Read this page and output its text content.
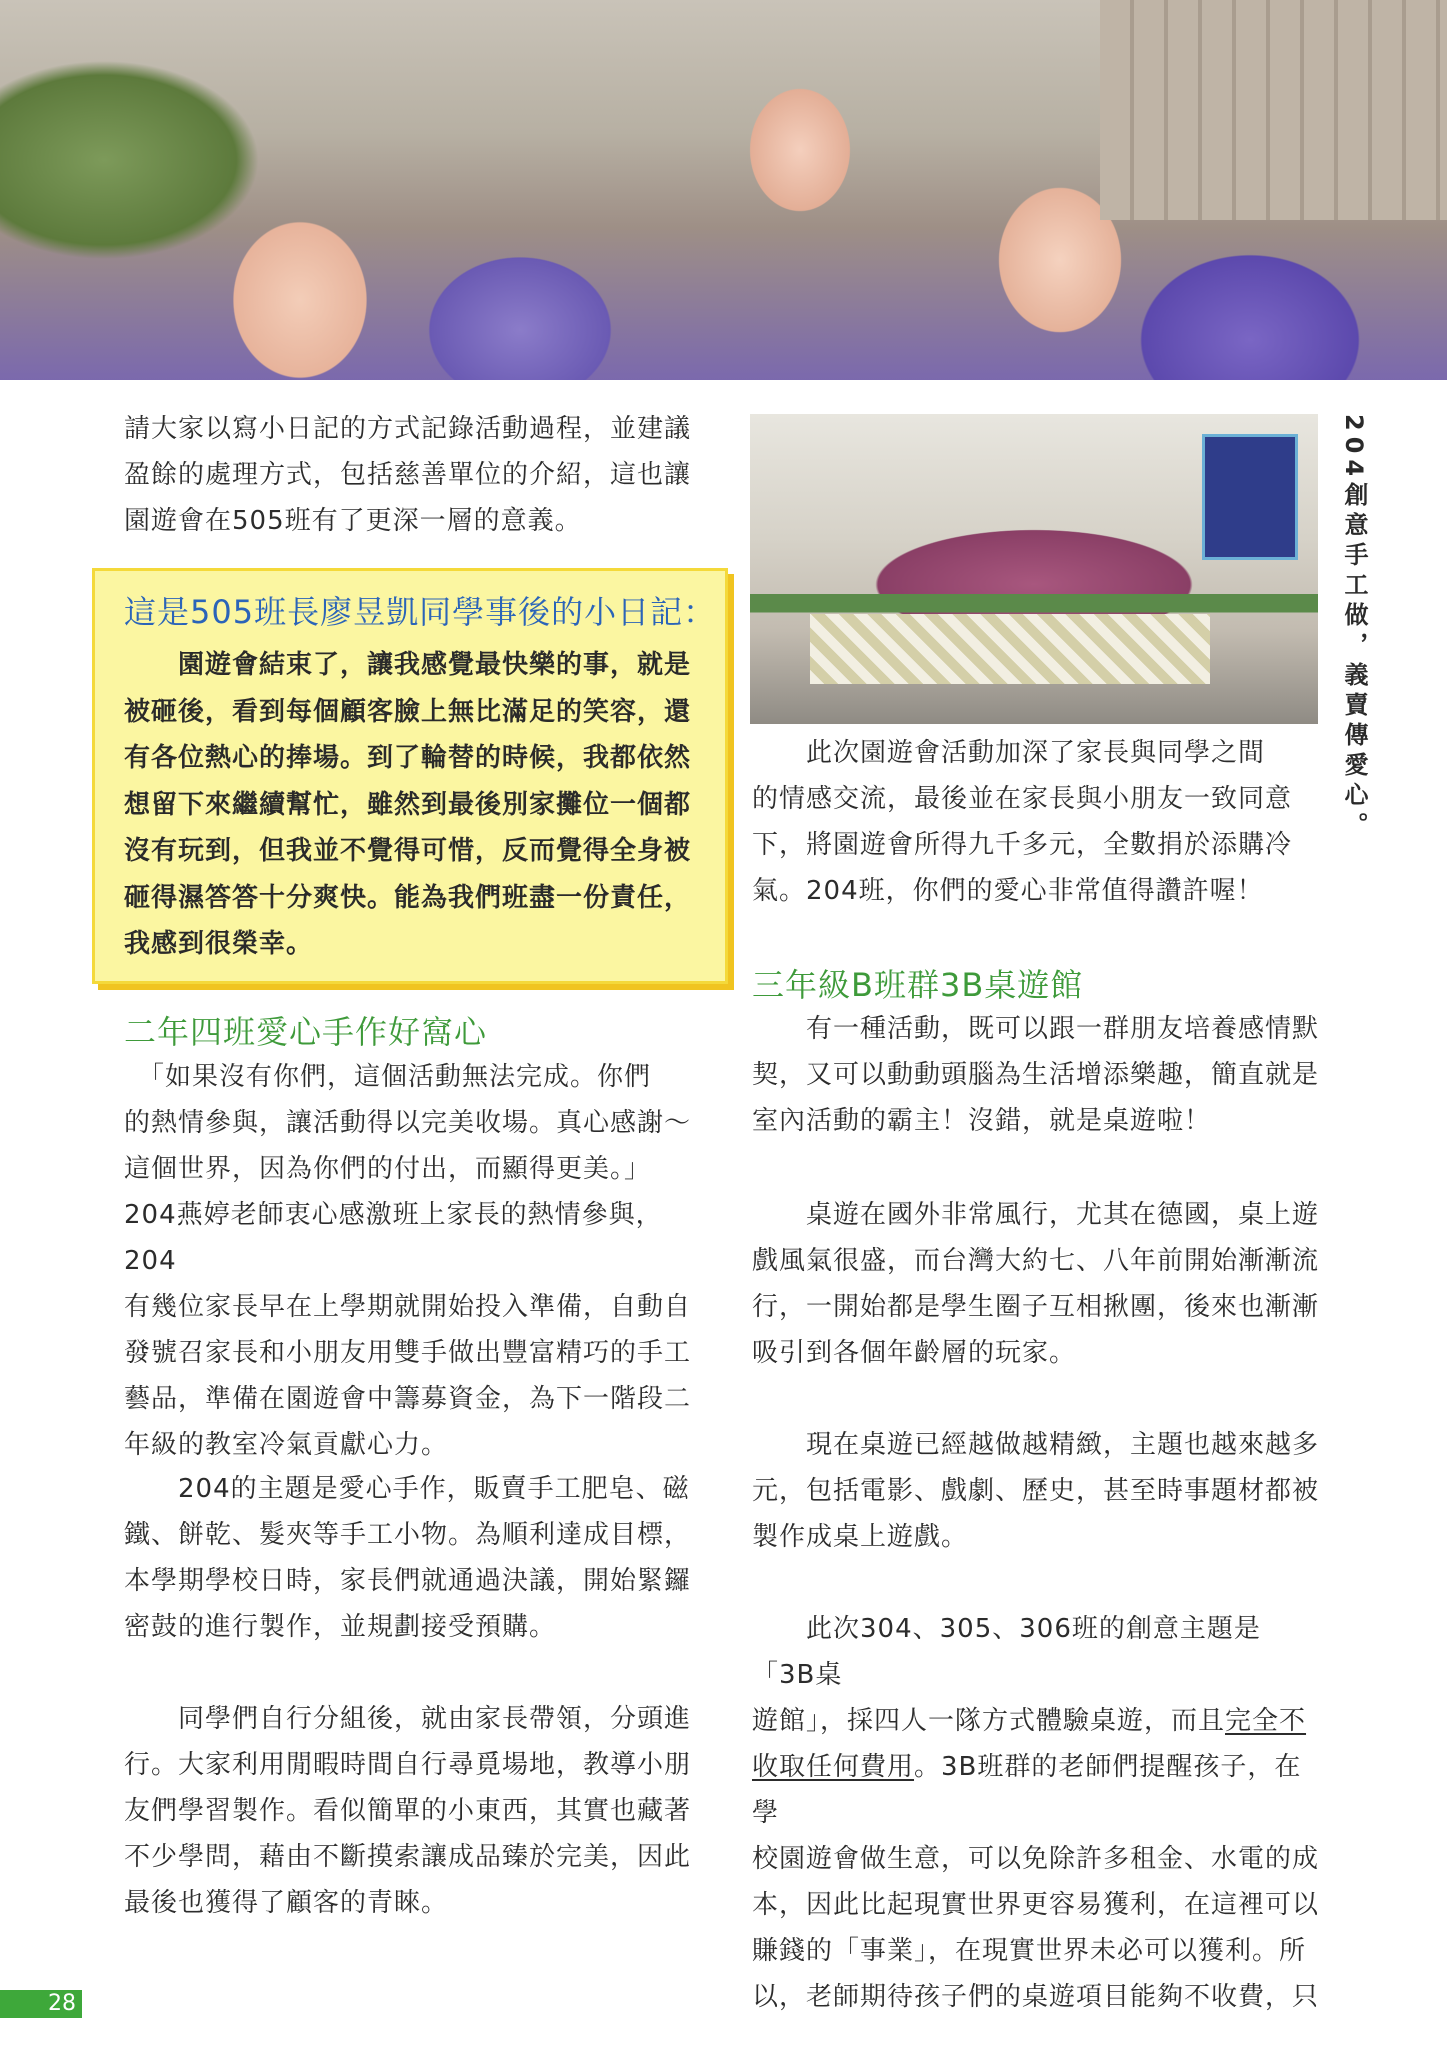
請大家以寫小日記的方式記錄活動過程，並建議
盈餘的處理方式，包括慈善單位的介紹，這也讓
園遊會在505班有了更深一層的意義。
這是505班長廖昱凱同學事後的小日記：
　　園遊會結束了，讓我感覺最快樂的事，就是
被砸後，看到每個顧客臉上無比滿足的笑容，還
有各位熱心的捧場。到了輪替的時候，我都依然
想留下來繼續幫忙，雖然到最後別家攤位一個都
沒有玩到，但我並不覺得可惜，反而覺得全身被
砸得濕答答十分爽快。能為我們班盡一份責任，
我感到很榮幸。
二年四班愛心手作好窩心
　「如果沒有你們，這個活動無法完成。你們
的熱情參與，讓活動得以完美收場。真心感謝～
這個世界，因為你們的付出，而顯得更美。」
204燕婷老師衷心感激班上家長的熱情參與，204
有幾位家長早在上學期就開始投入準備，自動自
發號召家長和小朋友用雙手做出豐富精巧的手工
藝品，準備在園遊會中籌募資金，為下一階段二
年級的教室冷氣貢獻心力。
　　204的主題是愛心手作，販賣手工肥皂、磁
鐵、餅乾、髮夾等手工小物。為順利達成目標，
本學期學校日時，家長們就通過決議，開始緊鑼
密鼓的進行製作，並規劃接受預購。
　　同學們自行分組後，就由家長帶領，分頭進
行。大家利用閒暇時間自行尋覓場地，教導小朋
友們學習製作。看似簡單的小東西，其實也藏著
不少學問，藉由不斷摸索讓成品臻於完美，因此
最後也獲得了顧客的青睞。
204創意手工做，義賣傳愛心。
　　此次園遊會活動加深了家長與同學之間
的情感交流，最後並在家長與小朋友一致同意
下，將園遊會所得九千多元，全數捐於添購冷
氣。204班，你們的愛心非常值得讚許喔！
三年級B班群3B桌遊館
　　有一種活動，既可以跟一群朋友培養感情默
契，又可以動動頭腦為生活增添樂趣，簡直就是
室內活動的霸主！沒錯，就是桌遊啦！
　　桌遊在國外非常風行，尤其在德國，桌上遊
戲風氣很盛，而台灣大約七、八年前開始漸漸流
行，一開始都是學生圈子互相揪團，後來也漸漸
吸引到各個年齡層的玩家。
　　現在桌遊已經越做越精緻，主題也越來越多
元，包括電影、戲劇、歷史，甚至時事題材都被
製作成桌上遊戲。
　　此次304、305、306班的創意主題是「3B桌
遊館」，採四人一隊方式體驗桌遊，而且完全不
收取任何費用。3B班群的老師們提醒孩子，在學
校園遊會做生意，可以免除許多租金、水電的成
本，因此比起現實世界更容易獲利，在這裡可以
賺錢的「事業」，在現實世界未必可以獲利。所
以，老師期待孩子們的桌遊項目能夠不收費，只
28
